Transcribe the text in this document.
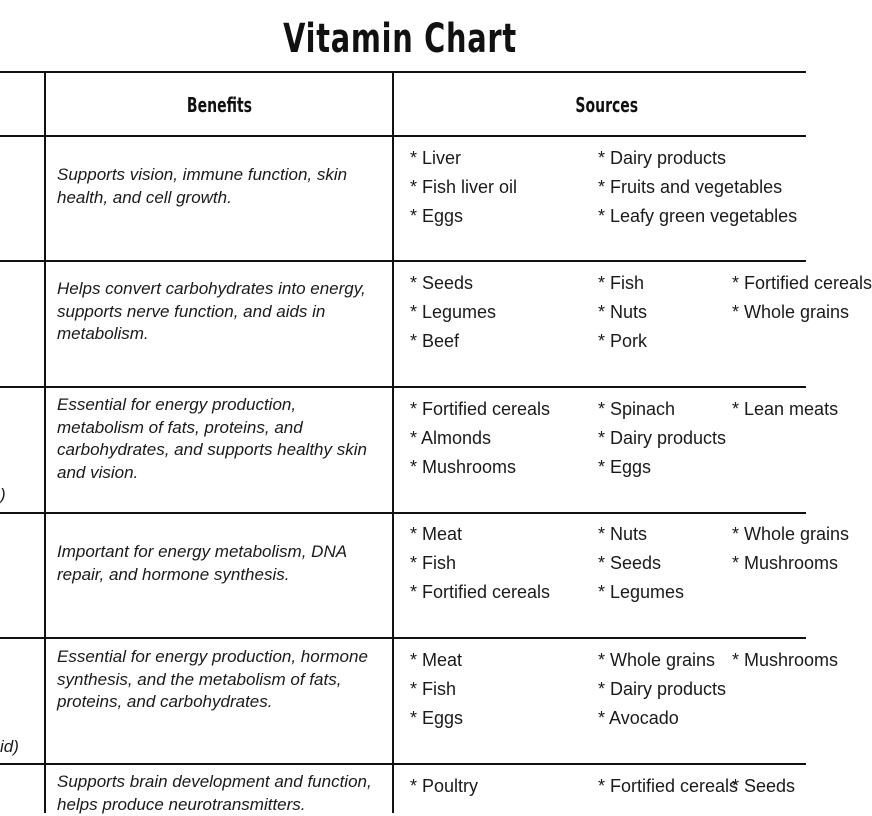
Vitamin Chart
Benefits	Sources
)
id)
Supports vision, immune function, skin health, and cell growth.
* Liver
* Fish liver oil
* Eggs
* Dairy products
* Fruits and vegetables
* Leafy green vegetables
Helps convert carbohydrates into energy, supports nerve function, and aids in metabolism.
* Seeds
* Legumes
* Beef
* Fish
* Nuts
* Pork
* Fortified cereals
* Whole grains
Essential for energy production, metabolism of fats, proteins, and carbohydrates, and supports healthy skin and vision.
* Fortified cereals
* Almonds
* Mushrooms
* Spinach
* Dairy products
* Eggs
* Lean meats
Important for energy metabolism, DNA repair, and hormone synthesis.
* Meat
* Fish
* Fortified cereals
* Nuts
* Seeds
* Legumes
* Whole grains
* Mushrooms
Essential for energy production, hormone synthesis, and the metabolism of fats, proteins, and carbohydrates.
* Meat
* Fish
* Eggs
* Whole grains
* Dairy products
* Avocado
* Mushrooms
Supports brain development and function, helps produce neurotransmitters.
* Poultry	* Fortified cereals
* Seeds
